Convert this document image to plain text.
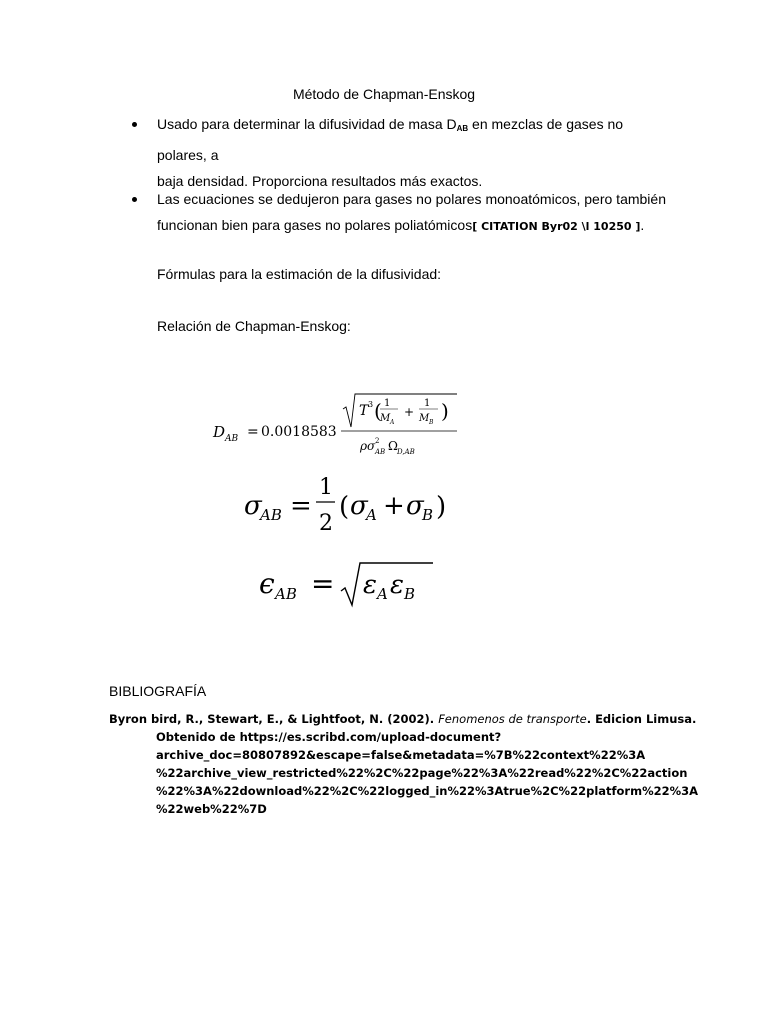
Método de Chapman-Enskog
Usado para determinar la difusividad de masa $D_{AB}$ en mezclas de gases no polares, a
baja densidad. Proporciona resultados más exactos.
Las ecuaciones se dedujeron para gases no polares monoatómicos, pero también
funcionan bien para gases no polares poliatómicos[ CITATION Byr02 \l 10250 ].
Fórmulas para la estimación de la difusividad:
Relación de Chapman-Enskog:
D AB = 0.0018583
T 3 ( 1
M A
+
1
M B )
ρσ 2
AB Ω D,AB
σ
AB =
1
2
( σ
A + σ
B )
ϵ AB = ε A ε B
BIBLIOGRAFÍA
Byron bird, R., Stewart, E., & Lightfoot, N. (2002). Fenomenos de transporte. Edicion Limusa.
Obtenido de https://es.scribd.com/upload-document?
archive_doc=80807892&escape=false&metadata=%7B%22context%22%3A
%22archive_view_restricted%22%2C%22page%22%3A%22read%22%2C%22action
%22%3A%22download%22%2C%22logged_in%22%3Atrue%2C%22platform%22%3A
%22web%22%7D
